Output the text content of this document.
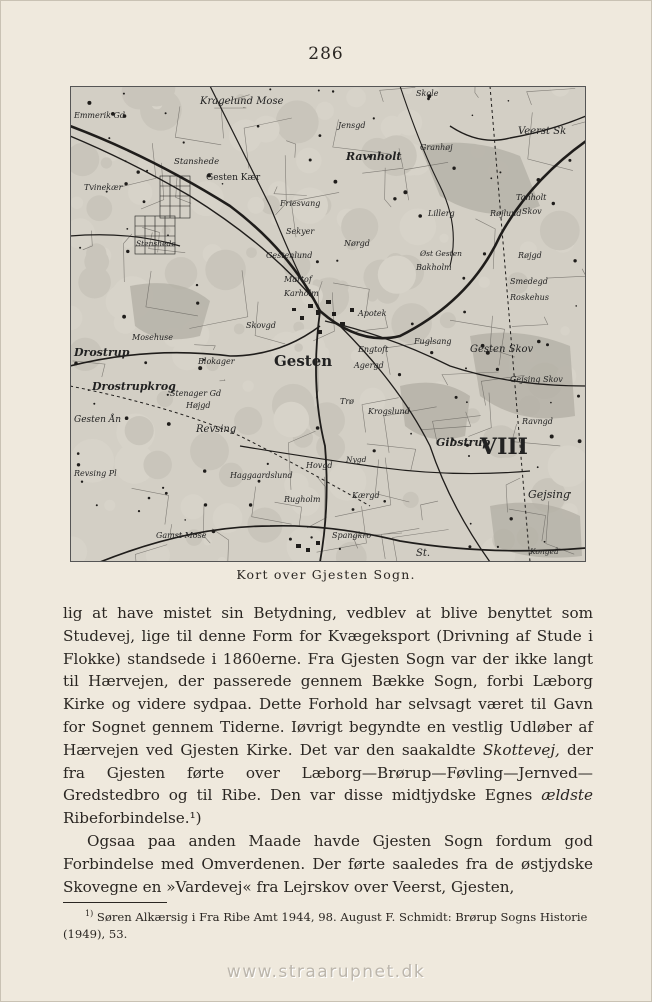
286
Kragelund Mose
Emmerik Gd
Skole
Veerst Sk
Jensgd
Ravnholt
Granhøj
Stanshede
Gesten Kær
Tvinekær
Friesvang
Lillerg	Røjlund
Tanholt
Skov
Sekyer
Nørgd
Gestenlund	Øst Gesten	Røjgd
Stenshede
Martof
Bakholm
Smedegd
Karholm
Apotek
Roskehus
Mosehuse
Drostrup
Skovgd
Gesten
Fuglsang
Gesten Skov
Blokager
Engtoft
Drostrupkrog
Agergd
Stenager Gd
Højgd
Gesten Ån
Gejsing Skov
Revsing
Krogslund
Ravngd
Gibstrup
VIII
Trø
Revsing Pl	Haggaardslund
Hovgd
Nygd
Rugholm	Kærgd	Gejsing
Gamst Mose	Spangkro
St.	Kongeå
Kort over Gjesten Sogn.

lig at have mistet sin Betydning, vedblev at blive benyttet som Studevej, lige til denne Form for Kvægeksport (Drivning af Stude i Flokke) standsede i 1860erne. Fra Gjesten Sogn var der ikke langt til Hærvejen, der passerede gennem Bække Sogn, forbi Læborg Kirke og videre sydpaa. Dette Forhold har selvsagt været til Gavn for Sognet gennem Tiderne. Iøvrigt begyndte en vestlig Udløber af Hærvejen ved Gjesten Kirke. Det var den saakaldte Skottevej, der fra Gjesten førte over Læborg—Brørup—Føvling—Jernved—Gredstedbro og til Ribe. Den var disse midtjydske Egnes ældste Ribeforbindelse.¹)

Ogsaa paa anden Maade havde Gjesten Sogn fordum god Forbindelse med Omverdenen. Der førte saaledes fra de østjydske Skovegne en »Vardevej« fra Lejrskov over Veerst, Gjesten,

$^{1)}$ Søren Alkærsig i Fra Ribe Amt 1944, 98. August F. Schmidt: Brørup Sogns Historie (1949), 53.
www.straarupnet.dk
